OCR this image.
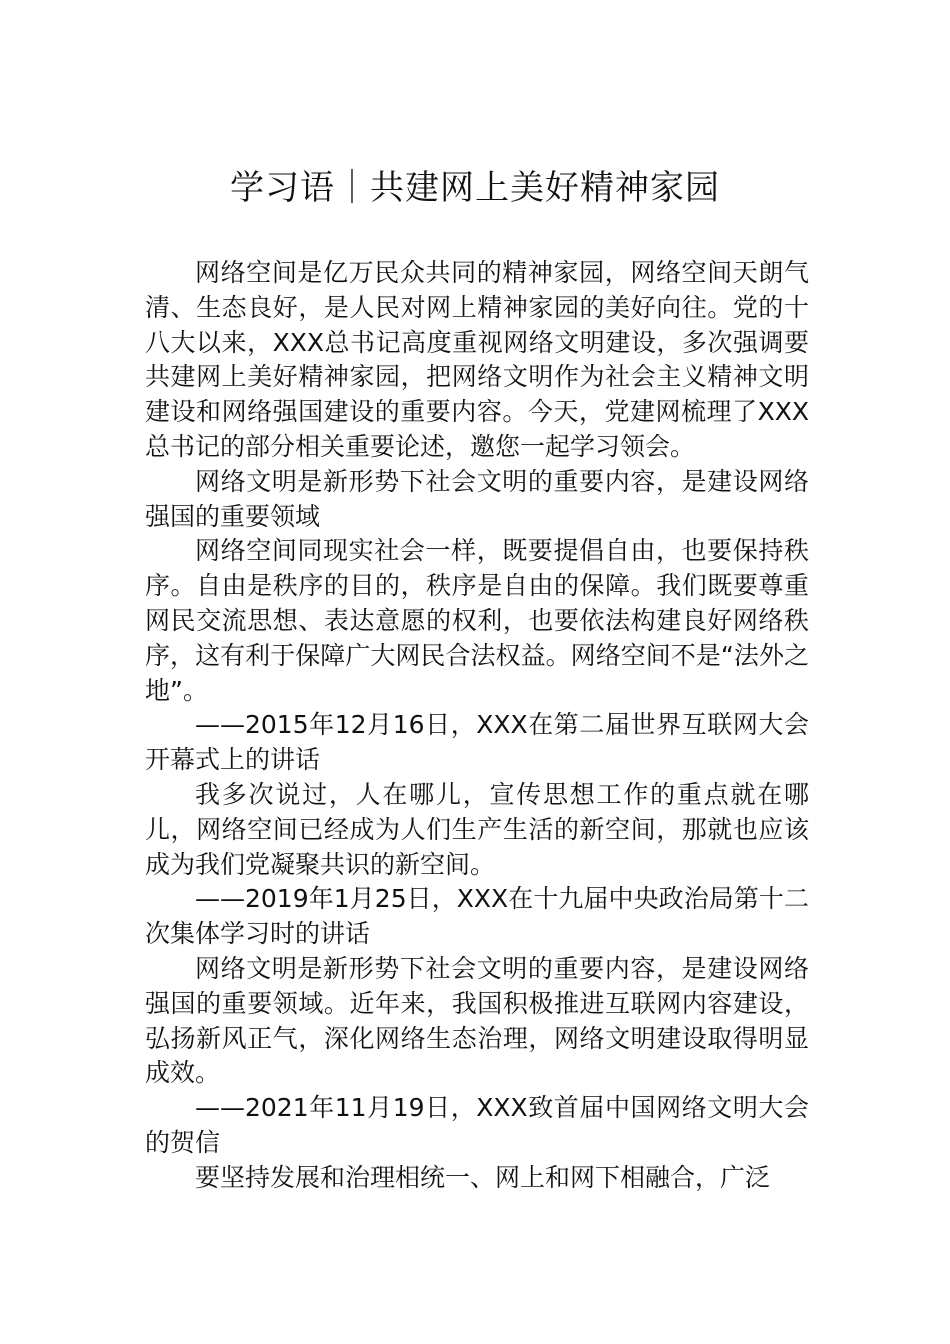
学习语｜共建网上美好精神家园

网络空间是亿万民众共同的精神家园，网络空间天朗气清、生态良好，是人民对网上精神家园的美好向往。党的十八大以来，XXX总书记高度重视网络文明建设，多次强调要共建网上美好精神家园，把网络文明作为社会主义精神文明建设和网络强国建设的重要内容。今天，党建网梳理了XXX总书记的部分相关重要论述，邀您一起学习领会。

网络文明是新形势下社会文明的重要内容，是建设网络强国的重要领域

网络空间同现实社会一样，既要提倡自由，也要保持秩序。自由是秩序的目的，秩序是自由的保障。我们既要尊重网民交流思想、表达意愿的权利，也要依法构建良好网络秩序，这有利于保障广大网民合法权益。网络空间不是“法外之地”。

——2015年12月16日，XXX在第二届世界互联网大会开幕式上的讲话

我多次说过，人在哪儿，宣传思想工作的重点就在哪儿，网络空间已经成为人们生产生活的新空间，那就也应该成为我们党凝聚共识的新空间。

——2019年1月25日，XXX在十九届中央政治局第十二次集体学习时的讲话

网络文明是新形势下社会文明的重要内容，是建设网络强国的重要领域。近年来，我国积极推进互联网内容建设，弘扬新风正气，深化网络生态治理，网络文明建设取得明显成效。

——2021年11月19日，XXX致首届中国网络文明大会的贺信

要坚持发展和治理相统一、网上和网下相融合，广泛
